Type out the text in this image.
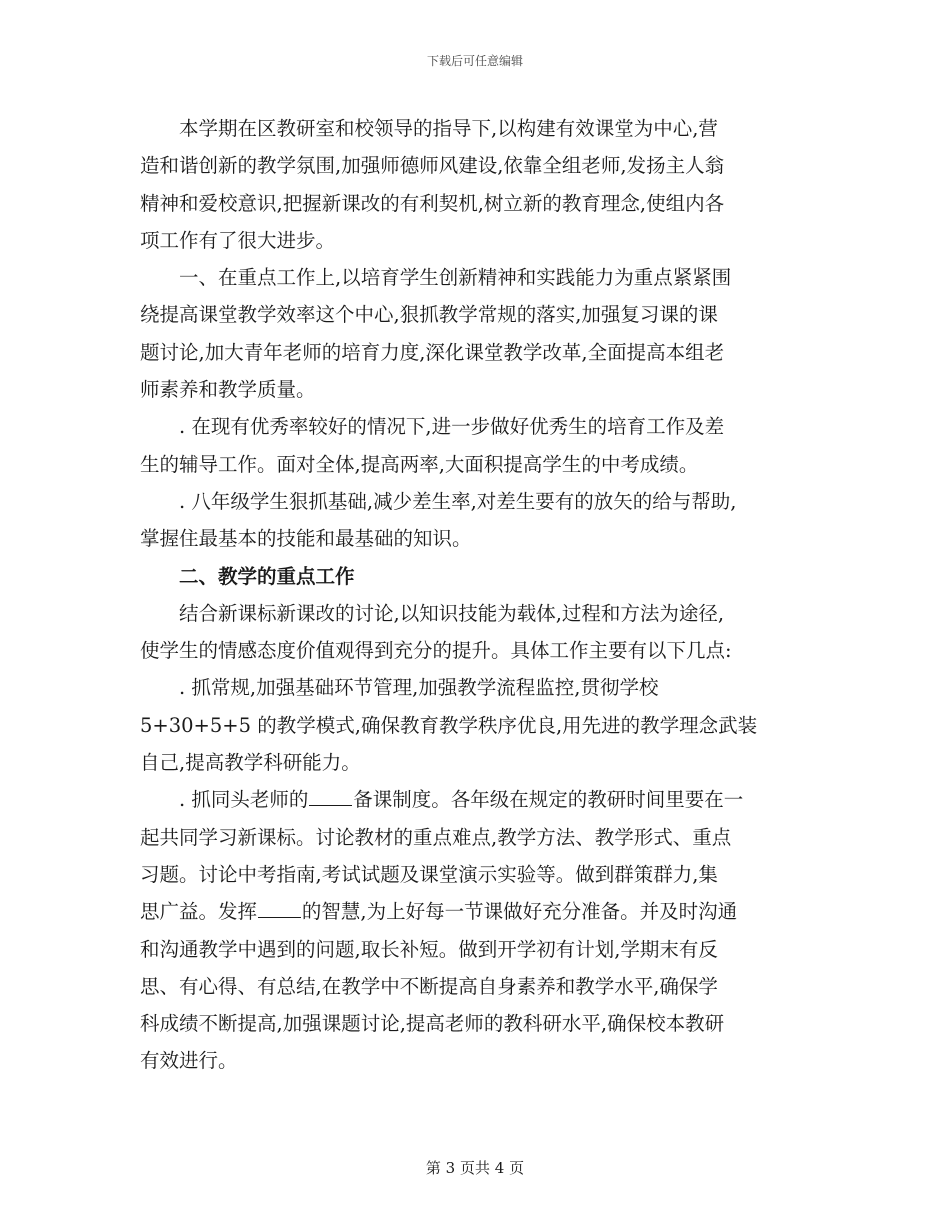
下载后可任意编辑
本学期在区教研室和校领导的指导下,以构建有效课堂为中心,营
造和谐创新的教学氛围,加强师德师风建设,依靠全组老师,发扬主人翁
精神和爱校意识,把握新课改的有利契机,树立新的教育理念,使组内各
项工作有了很大进步。
一、在重点工作上,以培育学生创新精神和实践能力为重点紧紧围
绕提高课堂教学效率这个中心,狠抓教学常规的落实,加强复习课的课
题讨论,加大青年老师的培育力度,深化课堂教学改革,全面提高本组老
师素养和教学质量。
. 在现有优秀率较好的情况下,进一步做好优秀生的培育工作及差
生的辅导工作。面对全体,提高两率,大面积提高学生的中考成绩。
. 八年级学生狠抓基础,减少差生率,对差生要有的放矢的给与帮助,
掌握住最基本的技能和最基础的知识。
二、教学的重点工作
结合新课标新课改的讨论,以知识技能为载体,过程和方法为途径,
使学生的情感态度价值观得到充分的提升。具体工作主要有以下几点:
. 抓常规,加强基础环节管理,加强教学流程监控,贯彻学校
5+30+5+5 的教学模式,确保教育教学秩序优良,用先进的教学理念武装
自己,提高教学科研能力。
. 抓同头老师的 备课制度。各年级在规定的教研时间里要在一
起共同学习新课标。讨论教材的重点难点,教学方法、教学形式、重点
习题。讨论中考指南,考试试题及课堂演示实验等。做到群策群力,集
思广益。发挥 的智慧,为上好每一节课做好充分准备。并及时沟通
和沟通教学中遇到的问题,取长补短。做到开学初有计划,学期末有反
思、有心得、有总结,在教学中不断提高自身素养和教学水平,确保学
科成绩不断提高,加强课题讨论,提高老师的教科研水平,确保校本教研
有效进行。
第 3 页共 4 页
